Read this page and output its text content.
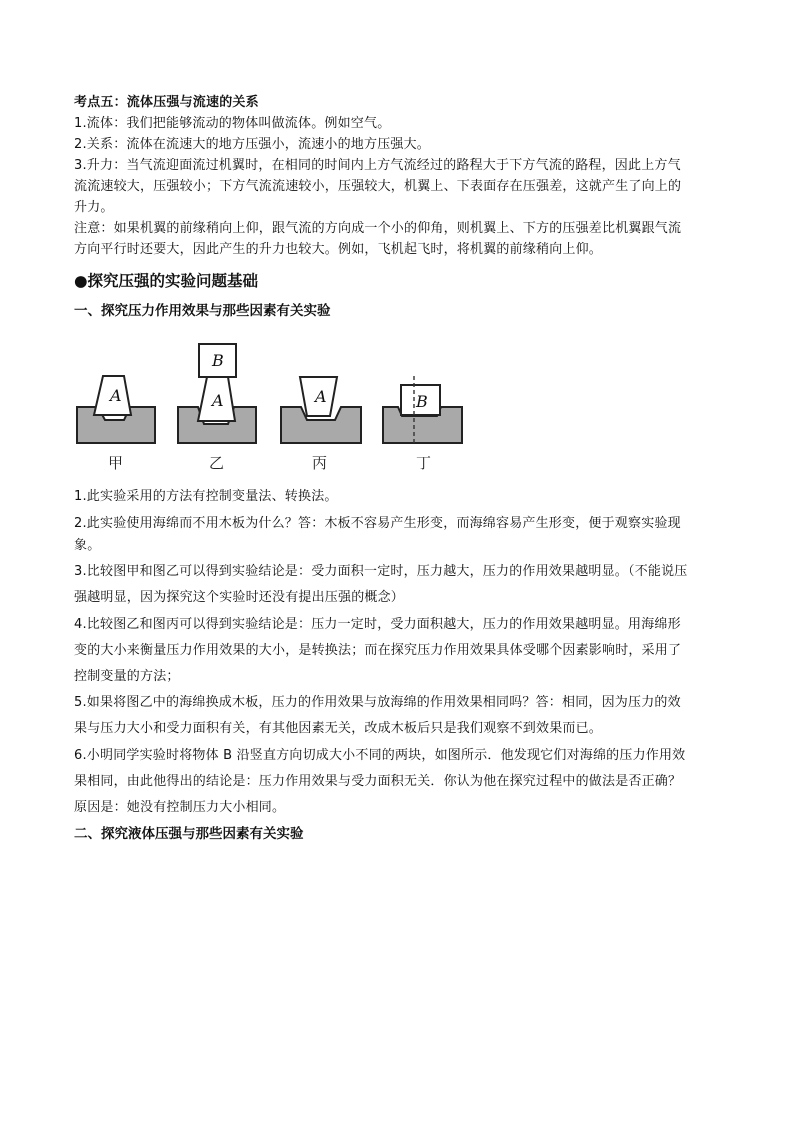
考点五：流体压强与流速的关系

1.流体：我们把能够流动的物体叫做流体。例如空气。

2.关系：流体在流速大的地方压强小，流速小的地方压强大。

3.升力：当气流迎面流过机翼时，在相同的时间内上方气流经过的路程大于下方气流的路程，因此上方气

流流速较大，压强较小；下方气流流速较小，压强较大，机翼上、下表面存在压强差，这就产生了向上的

升力。

注意：如果机翼的前缘稍向上仰，跟气流的方向成一个小的仰角，则机翼上、下方的压强差比机翼跟气流

方向平行时还要大，因此产生的升力也较大。例如，飞机起飞时，将机翼的前缘稍向上仰。

●探究压强的实验问题基础
一、探究压力作用效果与那些因素有关实验
A
甲
A
B
乙
A
丙
B
丁

1.此实验采用的方法有控制变量法、转换法。

2.此实验使用海绵而不用木板为什么？答：木板不容易产生形变，而海绵容易产生形变，便于观察实验现

象。

3.比较图甲和图乙可以得到实验结论是：受力面积一定时，压力越大，压力的作用效果越明显。（不能说压

强越明显，因为探究这个实验时还没有提出压强的概念）

4.比较图乙和图丙可以得到实验结论是：压力一定时，受力面积越大，压力的作用效果越明显。用海绵形

变的大小来衡量压力作用效果的大小，是转换法；而在探究压力作用效果具体受哪个因素影响时，采用了

控制变量的方法；

5.如果将图乙中的海绵换成木板，压力的作用效果与放海绵的作用效果相同吗？答：相同，因为压力的效

果与压力大小和受力面积有关，有其他因素无关，改成木板后只是我们观察不到效果而已。

6.小明同学实验时将物体 B 沿竖直方向切成大小不同的两块，如图所示．他发现它们对海绵的压力作用效

果相同，由此他得出的结论是：压力作用效果与受力面积无关．你认为他在探究过程中的做法是否正确？

原因是：她没有控制压力大小相同。

二、探究液体压强与那些因素有关实验
